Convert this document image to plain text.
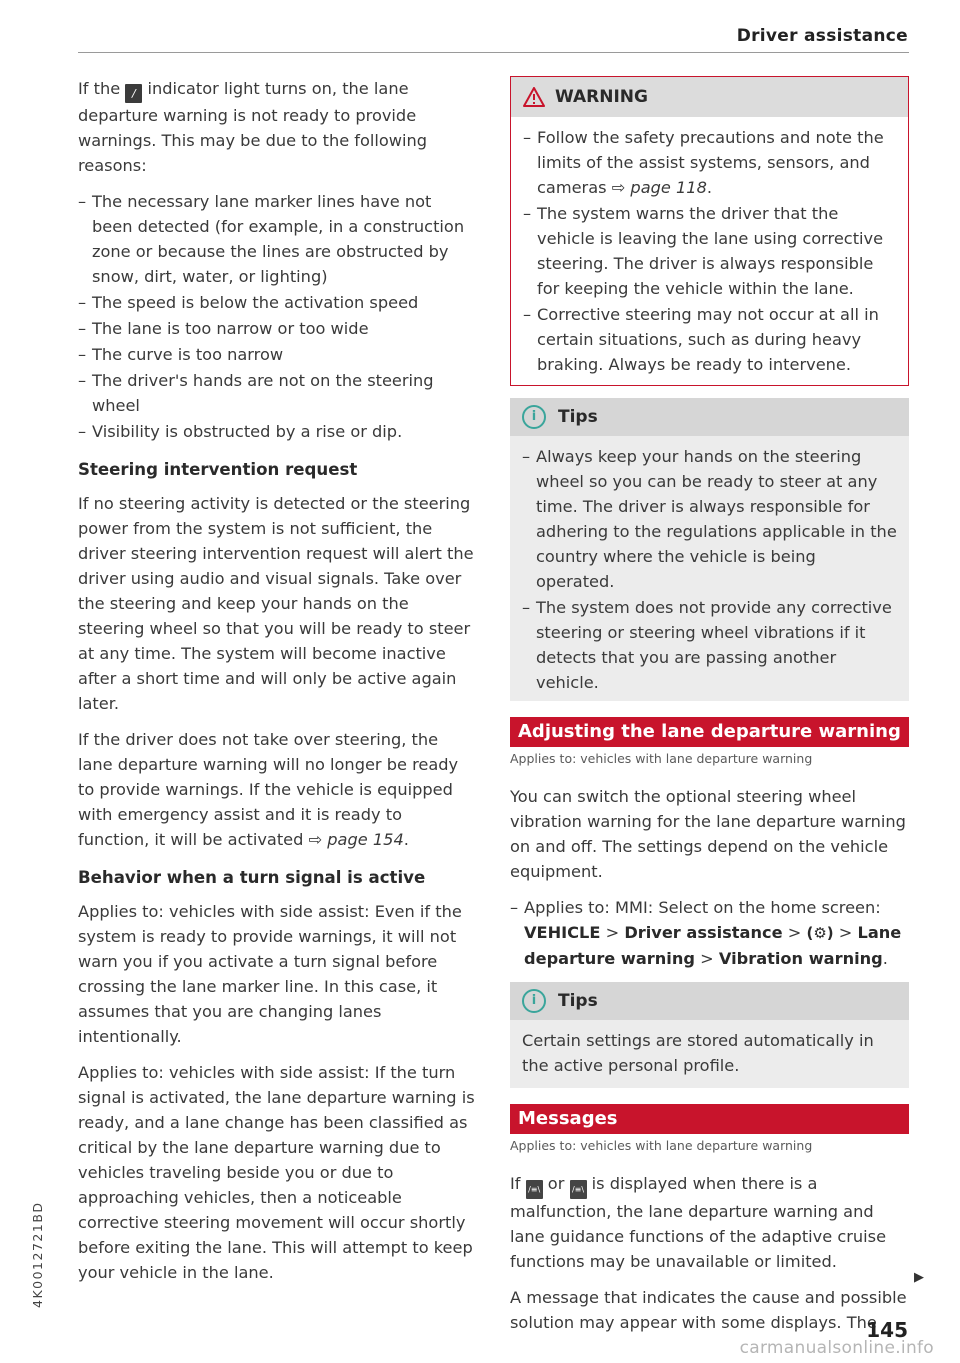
Driver assistance

If the / indicator light turns on, the lane departure warning is not ready to provide warnings. This may be due to the following reasons:

– The necessary lane marker lines have not been detected (for example, in a construction zone or because the lines are obstructed by snow, dirt, water, or lighting)
– The speed is below the activation speed
– The lane is too narrow or too wide
– The curve is too narrow
– The driver's hands are not on the steering wheel
– Visibility is obstructed by a rise or dip.
Steering intervention request

If no steering activity is detected or the steering power from the system is not sufficient, the driver steering intervention request will alert the driver using audio and visual signals. Take over the steering and keep your hands on the steering wheel so that you will be ready to steer at any time. The system will become inactive after a short time and will only be active again later.

If the driver does not take over steering, the lane departure warning will no longer be ready to provide warnings. If the vehicle is equipped with emergency assist and it is ready to function, it will be activated ⇨ page 154.

Behavior when a turn signal is active

Applies to: vehicles with side assist: Even if the system is ready to provide warnings, it will not warn you if you activate a turn signal before crossing the lane marker line. In this case, it assumes that you are changing lanes intentionally.

Applies to: vehicles with side assist: If the turn signal is activated, the lane departure warning is ready, and a lane change has been classified as critical by the lane departure warning due to vehicles traveling beside you or due to approaching vehicles, then a noticeable corrective steering movement will occur shortly before exiting the lane. This will attempt to keep your vehicle in the lane.

WARNING
– Follow the safety precautions and note the limits of the assist systems, sensors, and cameras ⇨ page 118.
– The system warns the driver that the vehicle is leaving the lane using corrective steering. The driver is always responsible for keeping the vehicle within the lane.
– Corrective steering may not occur at all in certain situations, such as during heavy braking. Always be ready to intervene.
i	Tips
– Always keep your hands on the steering wheel so you can be ready to steer at any time. The driver is always responsible for adhering to the regulations applicable in the country where the vehicle is being operated.
– The system does not provide any corrective steering or steering wheel vibrations if it detects that you are passing another vehicle.
Adjusting the lane departure warning
Applies to: vehicles with lane departure warning

You can switch the optional steering wheel vibration warning for the lane departure warning on and off. The settings depend on the vehicle equipment.

– Applies to: MMI: Select on the home screen: VEHICLE > Driver assistance > (⚙) > Lane departure warning > Vibration warning.
i	Tips

Certain settings are stored automatically in the active personal profile.

Messages
Applies to: vehicles with lane departure warning

If /≡\ or /≡\ is displayed when there is a malfunction, the lane departure warning and lane guidance functions of the adaptive cruise functions may be unavailable or limited.

A message that indicates the cause and possible solution may appear with some displays. The

▶
4K0012721BD
145
carmanualsonline.info
